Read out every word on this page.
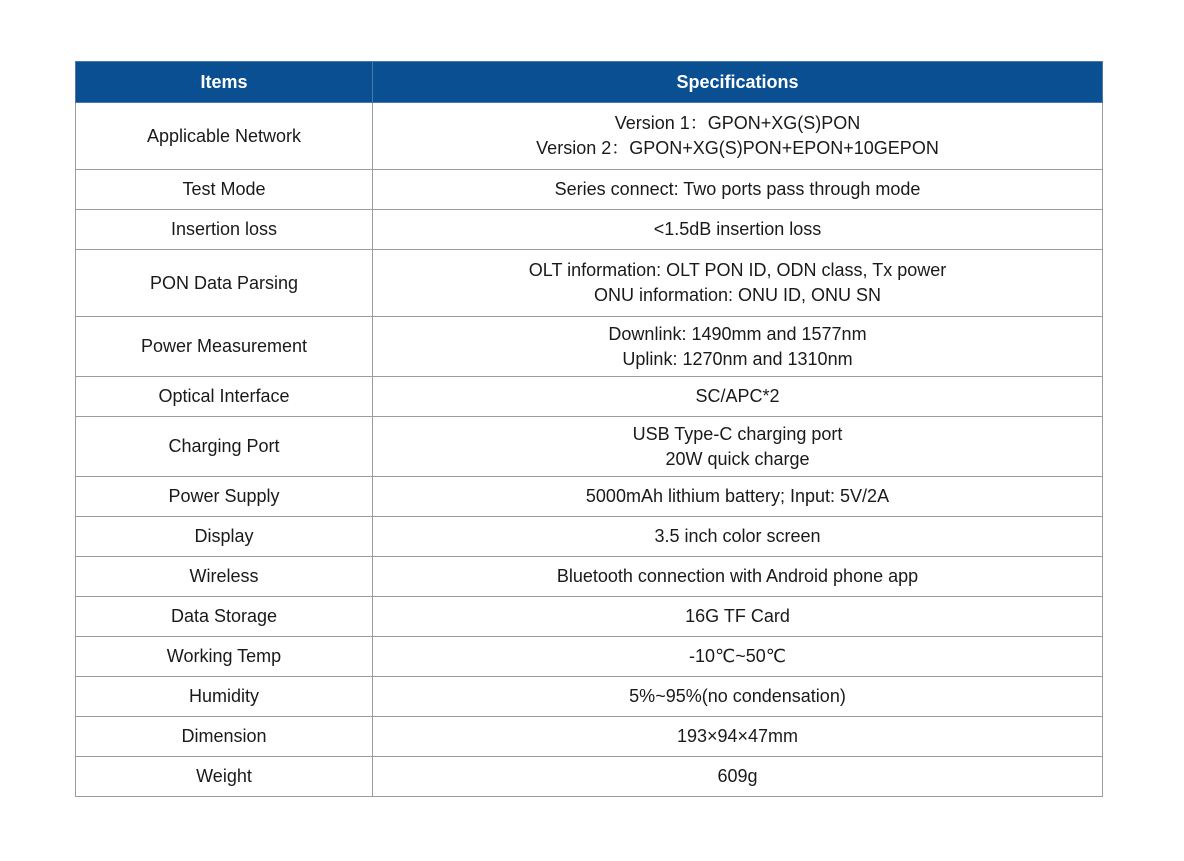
Items	Specifications
Applicable Network	Version 1：GPON+XG(S)PON
Version 2：GPON+XG(S)PON+EPON+10GEPON

Test Mode	Series connect: Two ports pass through mode

Insertion loss	<1.5dB insertion loss

PON Data Parsing	OLT information: OLT PON ID, ODN class, Tx power
ONU information: ONU ID, ONU SN

Power Measurement	Downlink: 1490mm and 1577nm
Uplink: 1270nm and 1310nm

Optical Interface	SC/APC*2

Charging Port	USB Type-C charging port
20W quick charge

Power Supply	5000mAh lithium battery; Input: 5V/2A

Display	3.5 inch color screen

Wireless	Bluetooth connection with Android phone app

Data Storage	16G TF Card

Working Temp	-10℃~50℃

Humidity	5%~95%(no condensation)

Dimension	193×94×47mm

Weight	609g
